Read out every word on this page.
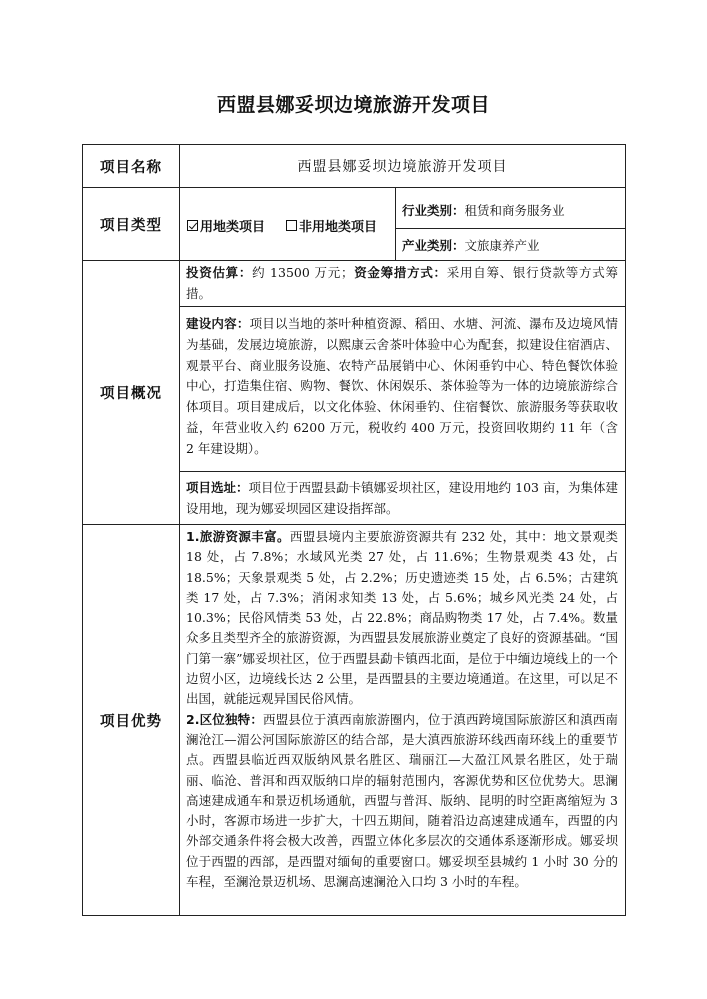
西盟县娜妥坝边境旅游开发项目
项目名称
项目类型
项目概况
项目优势
西盟县娜妥坝边境旅游开发项目
用地类项目	非用地类项目
行业类别： 租赁和商务服务业
产业类别： 文旅康养产业
投资估算：约 13500 万元；资金筹措方式：采用自筹、银行贷款等方式筹措。
建设内容：项目以当地的茶叶种植资源、稻田、水塘、河流、瀑布及边境风情为基础，发展边境旅游，以熙康云舍茶叶体验中心为配套，拟建设住宿酒店、观景平台、商业服务设施、农特产品展销中心、休闲垂钓中心、特色餐饮体验中心，打造集住宿、购物、餐饮、休闲娱乐、茶体验等为一体的边境旅游综合体项目。项目建成后，以文化体验、休闲垂钓、住宿餐饮、旅游服务等获取收益，年营业收入约 6200 万元，税收约 400 万元，投资回收期约 11 年（含 2 年建设期）。
项目选址：项目位于西盟县勐卡镇娜妥坝社区，建设用地约 103 亩，为集体建设用地，现为娜妥坝园区建设指挥部。
1.旅游资源丰富。西盟县境内主要旅游资源共有 232 处，其中：地文景观类 18 处，占 7.8%；水域风光类 27 处，占 11.6%；生物景观类 43 处，占 18.5%；天象景观类 5 处，占 2.2%；历史遗迹类 15 处，占 6.5%；古建筑类 17 处，占 7.3%；消闲求知类 13 处，占 5.6%；城乡风光类 24 处，占 10.3%；民俗风情类 53 处，占 22.8%；商品购物类 17 处，占 7.4%。数量众多且类型齐全的旅游资源，为西盟县发展旅游业奠定了良好的资源基础。“国门第一寨”娜妥坝社区，位于西盟县勐卡镇西北面，是位于中缅边境线上的一个边贸小区，边境线长达 2 公里，是西盟县的主要边境通道。在这里，可以足不出国，就能远观异国民俗风情。
2.区位独特：西盟县位于滇西南旅游圈内，位于滇西跨境国际旅游区和滇西南澜沧江—湄公河国际旅游区的结合部，是大滇西旅游环线西南环线上的重要节点。西盟县临近西双版纳风景名胜区、瑞丽江—大盈江风景名胜区，处于瑞丽、临沧、普洱和西双版纳口岸的辐射范围内，客源优势和区位优势大。思澜高速建成通车和景迈机场通航，西盟与普洱、版纳、昆明的时空距离缩短为 3 小时，客源市场进一步扩大，十四五期间，随着沿边高速建成通车，西盟的内外部交通条件将会极大改善，西盟立体化多层次的交通体系逐渐形成。娜妥坝位于西盟的西部，是西盟对缅甸的重要窗口。娜妥坝至县城约 1 小时 30 分的车程，至澜沧景迈机场、思澜高速澜沧入口均 3 小时的车程。
